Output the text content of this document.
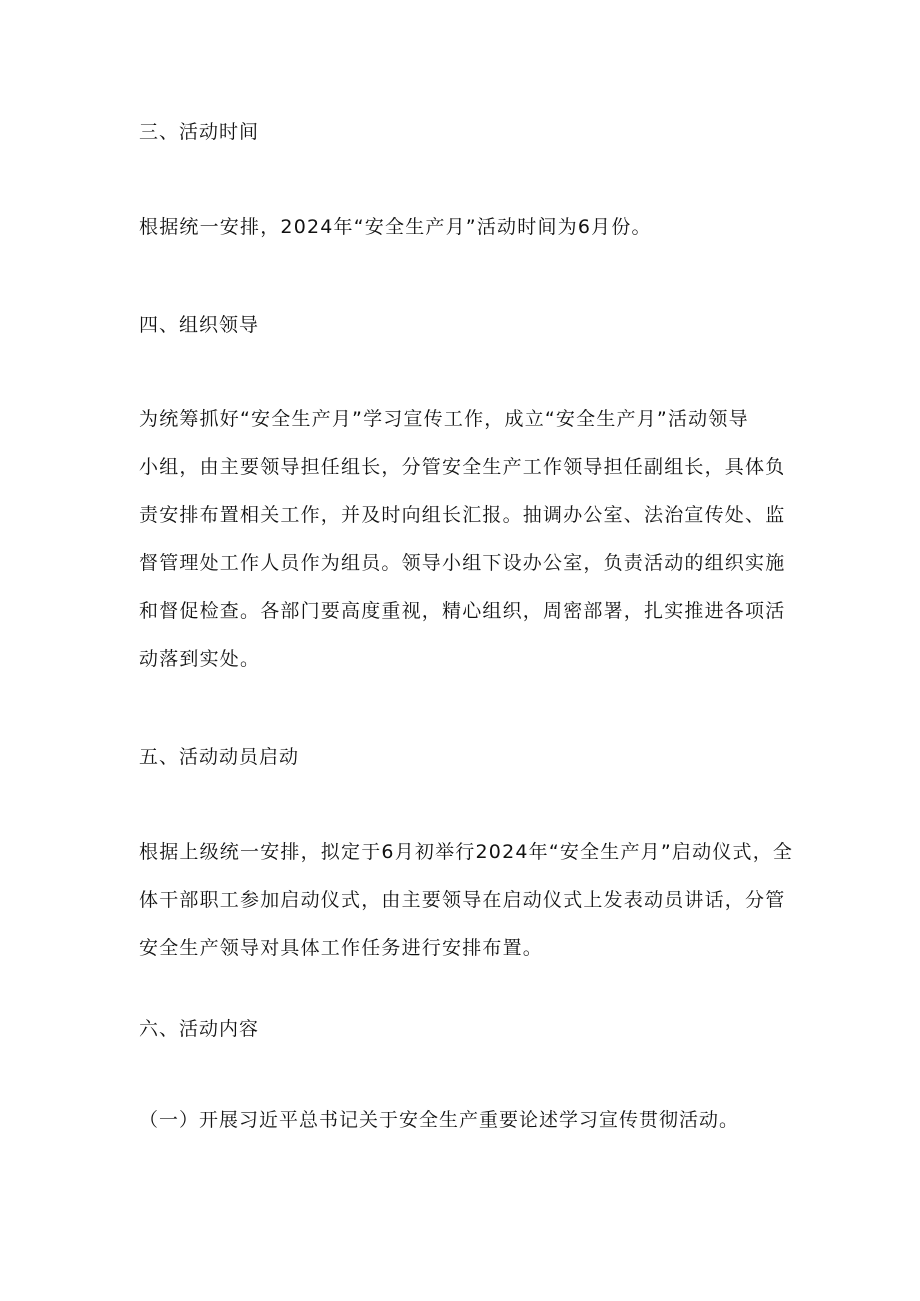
三、活动时间
根据统一安排，2024年“安全生产月”活动时间为6月份。
四、组织领导
为统筹抓好“安全生产月”学习宣传工作，成立“安全生产月”活动领导
小组，由主要领导担任组长，分管安全生产工作领导担任副组长，具体负
责安排布置相关工作，并及时向组长汇报。抽调办公室、法治宣传处、监
督管理处工作人员作为组员。领导小组下设办公室，负责活动的组织实施
和督促检查。各部门要高度重视，精心组织，周密部署，扎实推进各项活
动落到实处。
五、活动动员启动
根据上级统一安排，拟定于6月初举行2024年“安全生产月”启动仪式，全
体干部职工参加启动仪式，由主要领导在启动仪式上发表动员讲话，分管
安全生产领导对具体工作任务进行安排布置。
六、活动内容
（一）开展习近平总书记关于安全生产重要论述学习宣传贯彻活动。
